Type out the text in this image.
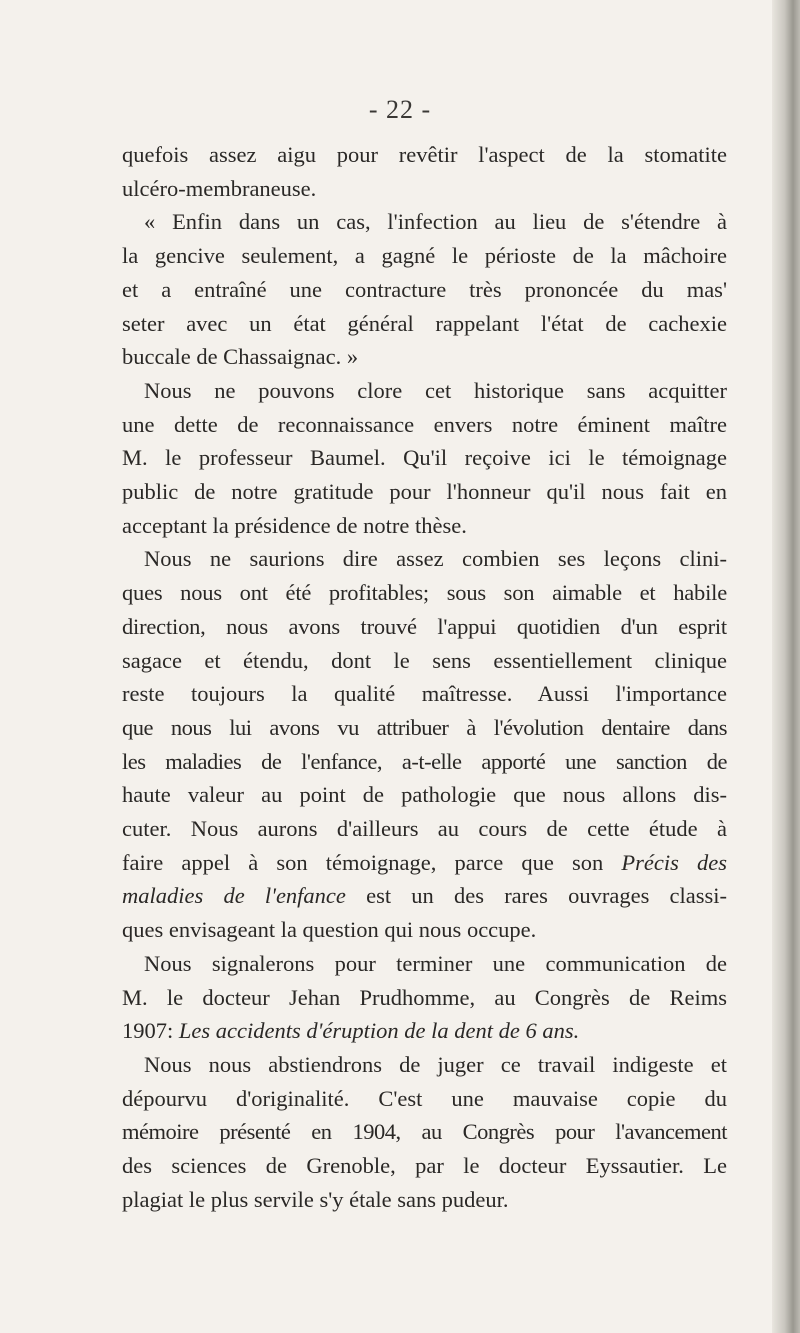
- 22 -
quefois assez aigu pour revêtir l'aspect de la stomatite
ulcéro-membraneuse.
« Enfin dans un cas, l'infection au lieu de s'étendre à
la gencive seulement, a gagné le périoste de la mâchoire
et a entraîné une contracture très prononcée du mas'
seter avec un état général rappelant l'état de cachexie
buccale de Chassaignac. »
Nous ne pouvons clore cet historique sans acquitter
une dette de reconnaissance envers notre éminent maître
M. le professeur Baumel. Qu'il reçoive ici le témoignage
public de notre gratitude pour l'honneur qu'il nous fait en
acceptant la présidence de notre thèse.
Nous ne saurions dire assez combien ses leçons clini-
ques nous ont été profitables; sous son aimable et habile
direction, nous avons trouvé l'appui quotidien d'un esprit
sagace et étendu, dont le sens essentiellement clinique
reste toujours la qualité maîtresse. Aussi l'importance
que nous lui avons vu attribuer à l'évolution dentaire dans
les maladies de l'enfance, a-t-elle apporté une sanction de
haute valeur au point de pathologie que nous allons dis-
cuter. Nous aurons d'ailleurs au cours de cette étude à
faire appel à son témoignage, parce que son Précis des
maladies de l'enfance est un des rares ouvrages classi-
ques envisageant la question qui nous occupe.
Nous signalerons pour terminer une communication de
M. le docteur Jehan Prudhomme, au Congrès de Reims
1907: Les accidents d'éruption de la dent de 6 ans.
Nous nous abstiendrons de juger ce travail indigeste et
dépourvu d'originalité. C'est une mauvaise copie du
mémoire présenté en 1904, au Congrès pour l'avancement
des sciences de Grenoble, par le docteur Eyssautier. Le
plagiat le plus servile s'y étale sans pudeur.
